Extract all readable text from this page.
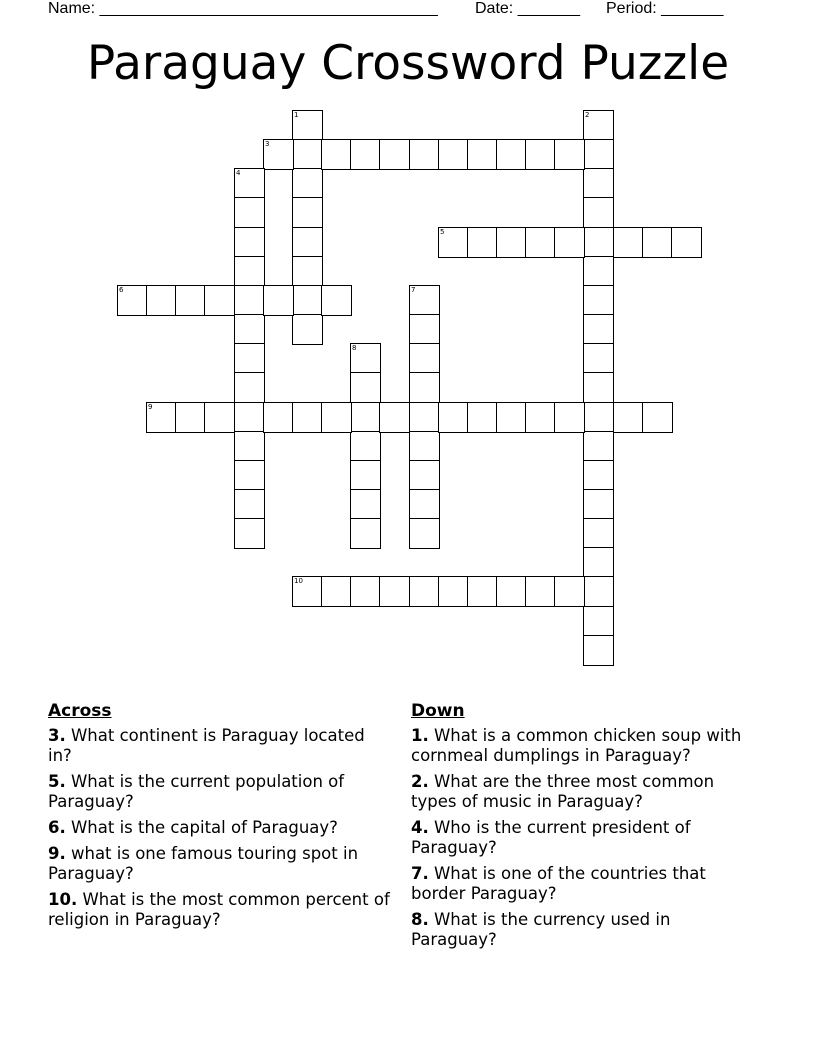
Name: ______________________________________ Date: _______ Period: _______
Paraguay Crossword Puzzle
1	2
3
4
5
6	7
8
9
10
Across
3. What continent is Paraguay located in?
5. What is the current population of Paraguay?
6. What is the capital of Paraguay?
9. what is one famous touring spot in Paraguay?
10. What is the most common percent of religion in Paraguay?
Down
1. What is a common chicken soup with cornmeal dumplings in Paraguay?
2. What are the three most common types of music in Paraguay?
4. Who is the current president of Paraguay?
7. What is one of the countries that border Paraguay?
8. What is the currency used in Paraguay?
